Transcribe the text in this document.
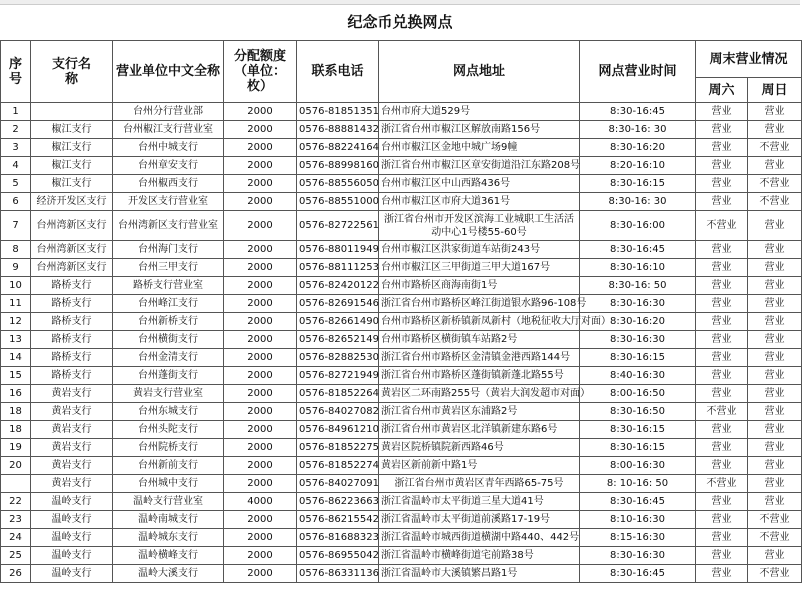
纪念币兑换网点
序号	支行名称	营业单位中文全称	分配额度（单位：枚）	联系电话	网点地址	网点营业时间	周末营业情况	
							周六	周日
1		台州分行营业部	2000	0576-81851351	台州市府大道529号	8:30-16:45	营业	营业
2	椒江支行	台州椒江支行营业室	2000	0576-88881432	浙江省台州市椒江区解放南路156号	8:30-16: 30	营业	营业
3	椒江支行	台州中城支行	2000	0576-88224164	台州市椒江区金地中城广场9幢	8:30-16:20	营业	不营业
4	椒江支行	台州章安支行	2000	0576-88998160	浙江省台州市椒江区章安街道沿江东路208号	8:20-16:10	营业	营业
5	椒江支行	台州椒西支行	2000	0576-88556050	台州市椒江区中山西路436号	8:30-16:15	营业	不营业
6	经济开发区支行	开发区支行营业室	2000	0576-88551000	台州市椒江区市府大道361号	8:30-16: 30	营业	不营业
7	台州湾新区支行	台州湾新区支行营业室	2000	0576-82722561	浙江省台州市开发区滨海工业城职工生活活动中心1号楼55-60号	8:30-16:00	不营业	营业
8	台州湾新区支行	台州海门支行	2000	0576-88011949	台州市椒江区洪家街道车站街243号	8:30-16:45	营业	营业
9	台州湾新区支行	台州三甲支行	2000	0576-88111253	台州市椒江区三甲街道三甲大道167号	8:30-16:10	营业	营业
10	路桥支行	路桥支行营业室	2000	0576-82420122	台州市路桥区商海南街1号	8:30-16: 50	营业	营业
11	路桥支行	台州峰江支行	2000	0576-82691546	浙江省台州市路桥区峰江街道银水路96-108号	8:30-16:30	营业	营业
12	路桥支行	台州新桥支行	2000	0576-82661490	台州市路桥区新桥镇新凤新村（地税征收大厅对面）	8:30-16:20	营业	营业
13	路桥支行	台州横街支行	2000	0576-82652149	台州市路桥区横街镇车站路2号	8:30-16:30	营业	营业
14	路桥支行	台州金清支行	2000	0576-82882530	浙江省台州市路桥区金清镇金港西路144号	8:30-16:15	营业	营业
15	路桥支行	台州蓬街支行	2000	0576-82721949	浙江省台州市路桥区蓬街镇新蓬北路55号	8:40-16:30	营业	营业
16	黄岩支行	黄岩支行营业室	2000	0576-81852264	黄岩区二环南路255号（黄岩大润发超市对面）	8:00-16:50	营业	营业
18	黄岩支行	台州东城支行	2000	0576-84027082	浙江省台州市黄岩区东浦路2号	8:30-16:50	不营业	营业
18	黄岩支行	台州头陀支行	2000	0576-84961210	浙江省台州市黄岩区北洋镇新建东路6号	8:30-16:15	营业	营业
19	黄岩支行	台州院桥支行	2000	0576-81852275	黄岩区院桥镇院新西路46号	8:30-16:15	营业	营业
20	黄岩支行	台州新前支行	2000	0576-81852274	黄岩区新前新中路1号	8:00-16:30	营业	营业
	黄岩支行	台州城中支行	2000	0576-84027091	浙江省台州市黄岩区青年西路65-75号	8: 10-16: 50	不营业	营业
22	温岭支行	温岭支行营业室	4000	0576-86223663	浙江省温岭市太平街道三星大道41号	8:30-16:45	营业	营业
23	温岭支行	温岭南城支行	2000	0576-86215542	浙江省温岭市太平街道前溪路17-19号	8:10-16:30	营业	不营业
24	温岭支行	温岭城东支行	2000	0576-81688323	浙江省温岭市城西街道横湖中路440、442号	8:15-16:30	营业	不营业
25	温岭支行	温岭横峰支行	2000	0576-86955042	浙江省温岭市横峰街道宅前路38号	8:30-16:30	营业	营业
26	温岭支行	温岭大溪支行	2000	0576-86331136	浙江省温岭市大溪镇繁昌路1号	8:30-16:45	营业	不营业
